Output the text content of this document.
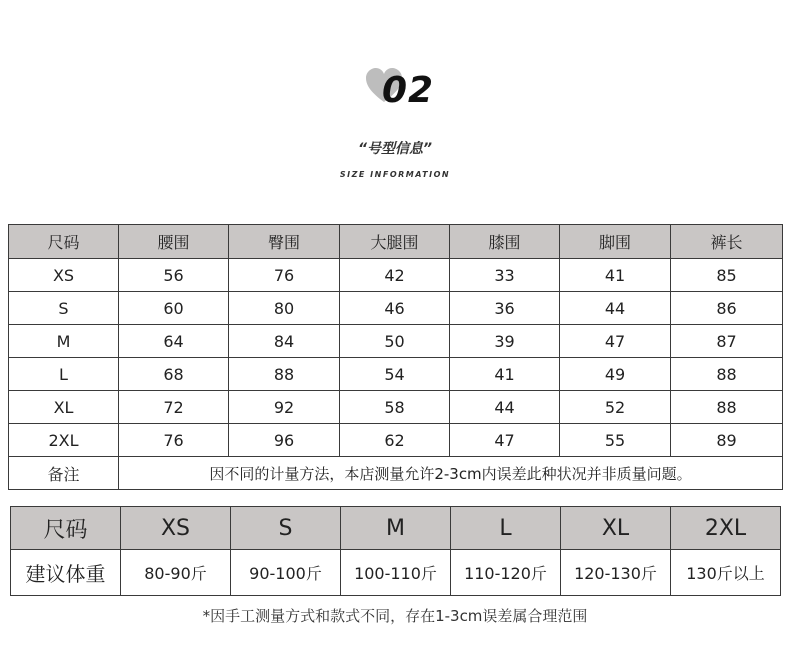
02
“号型信息”
SIZE INFORMATION
尺码	腰围	臀围	大腿围	膝围	脚围	裤长
XS	56	76	42	33	41	85
S	60	80	46	36	44	86
M	64	84	50	39	47	87
L	68	88	54	41	49	88
XL	72	92	58	44	52	88
2XL	76	96	62	47	55	89
备注	因不同的计量方法，本店测量允许2-3cm内误差此种状况并非质量问题。					
尺码	XS	S	M	L	XL	2XL
建议体重	80-90斤	90-100斤	100-110斤	110-120斤	120-130斤	130斤以上
*因手工测量方式和款式不同，存在1-3cm误差属合理范围
